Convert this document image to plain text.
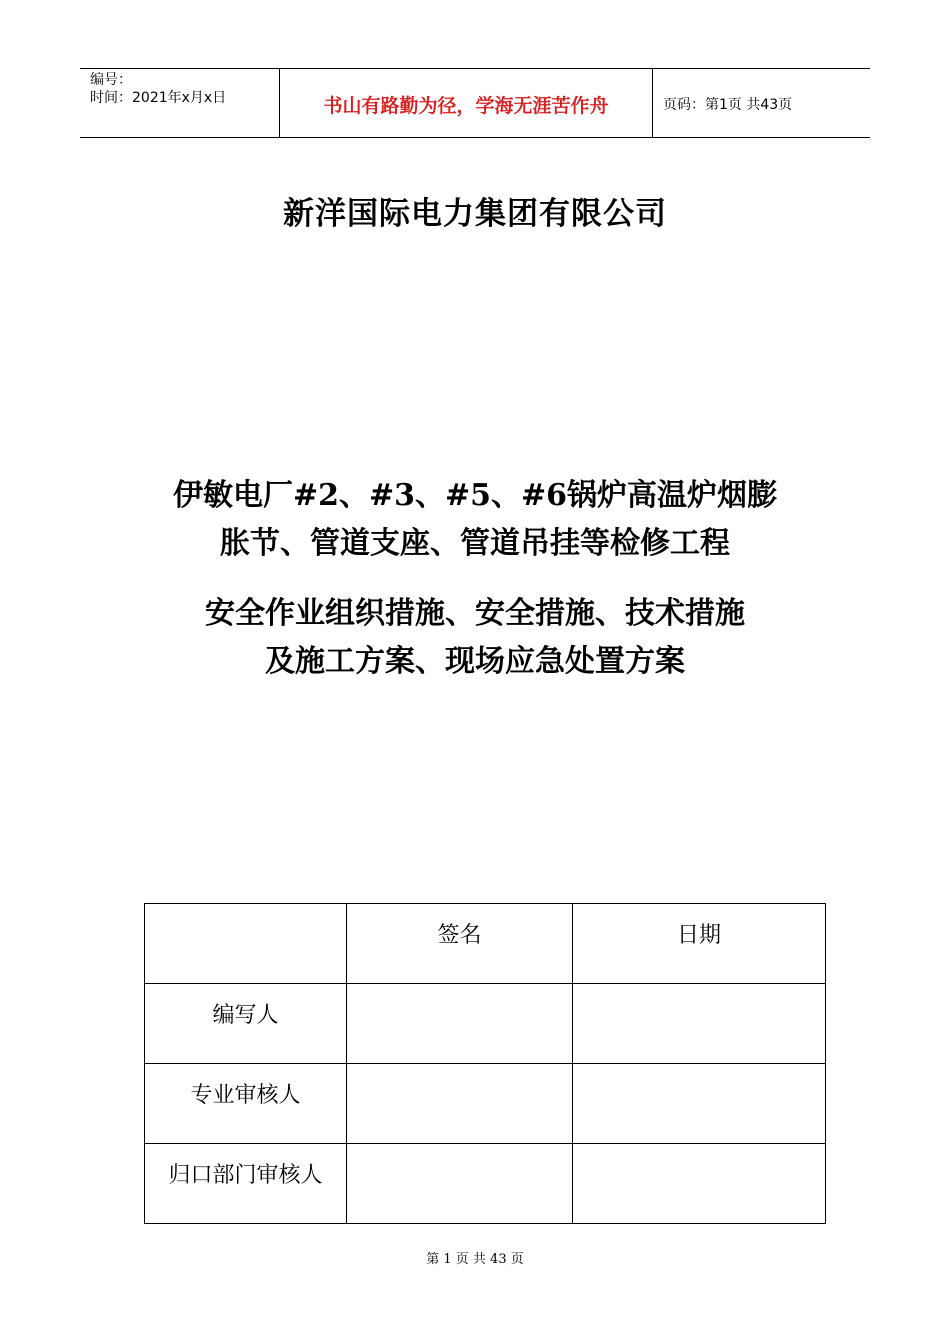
编号：
时间：2021年x月x日	书山有路勤为径，学海无涯苦作舟	页码：第1页 共43页
新洋国际电力集团有限公司
伊敏电厂#2、#3、#5、#6锅炉高温炉烟膨
胀节、管道支座、管道吊挂等检修工程
安全作业组织措施、安全措施、技术措施
及施工方案、现场应急处置方案
	签名	日期
编写人		
专业审核人		
归口部门审核人		
第 1 页 共 43 页
